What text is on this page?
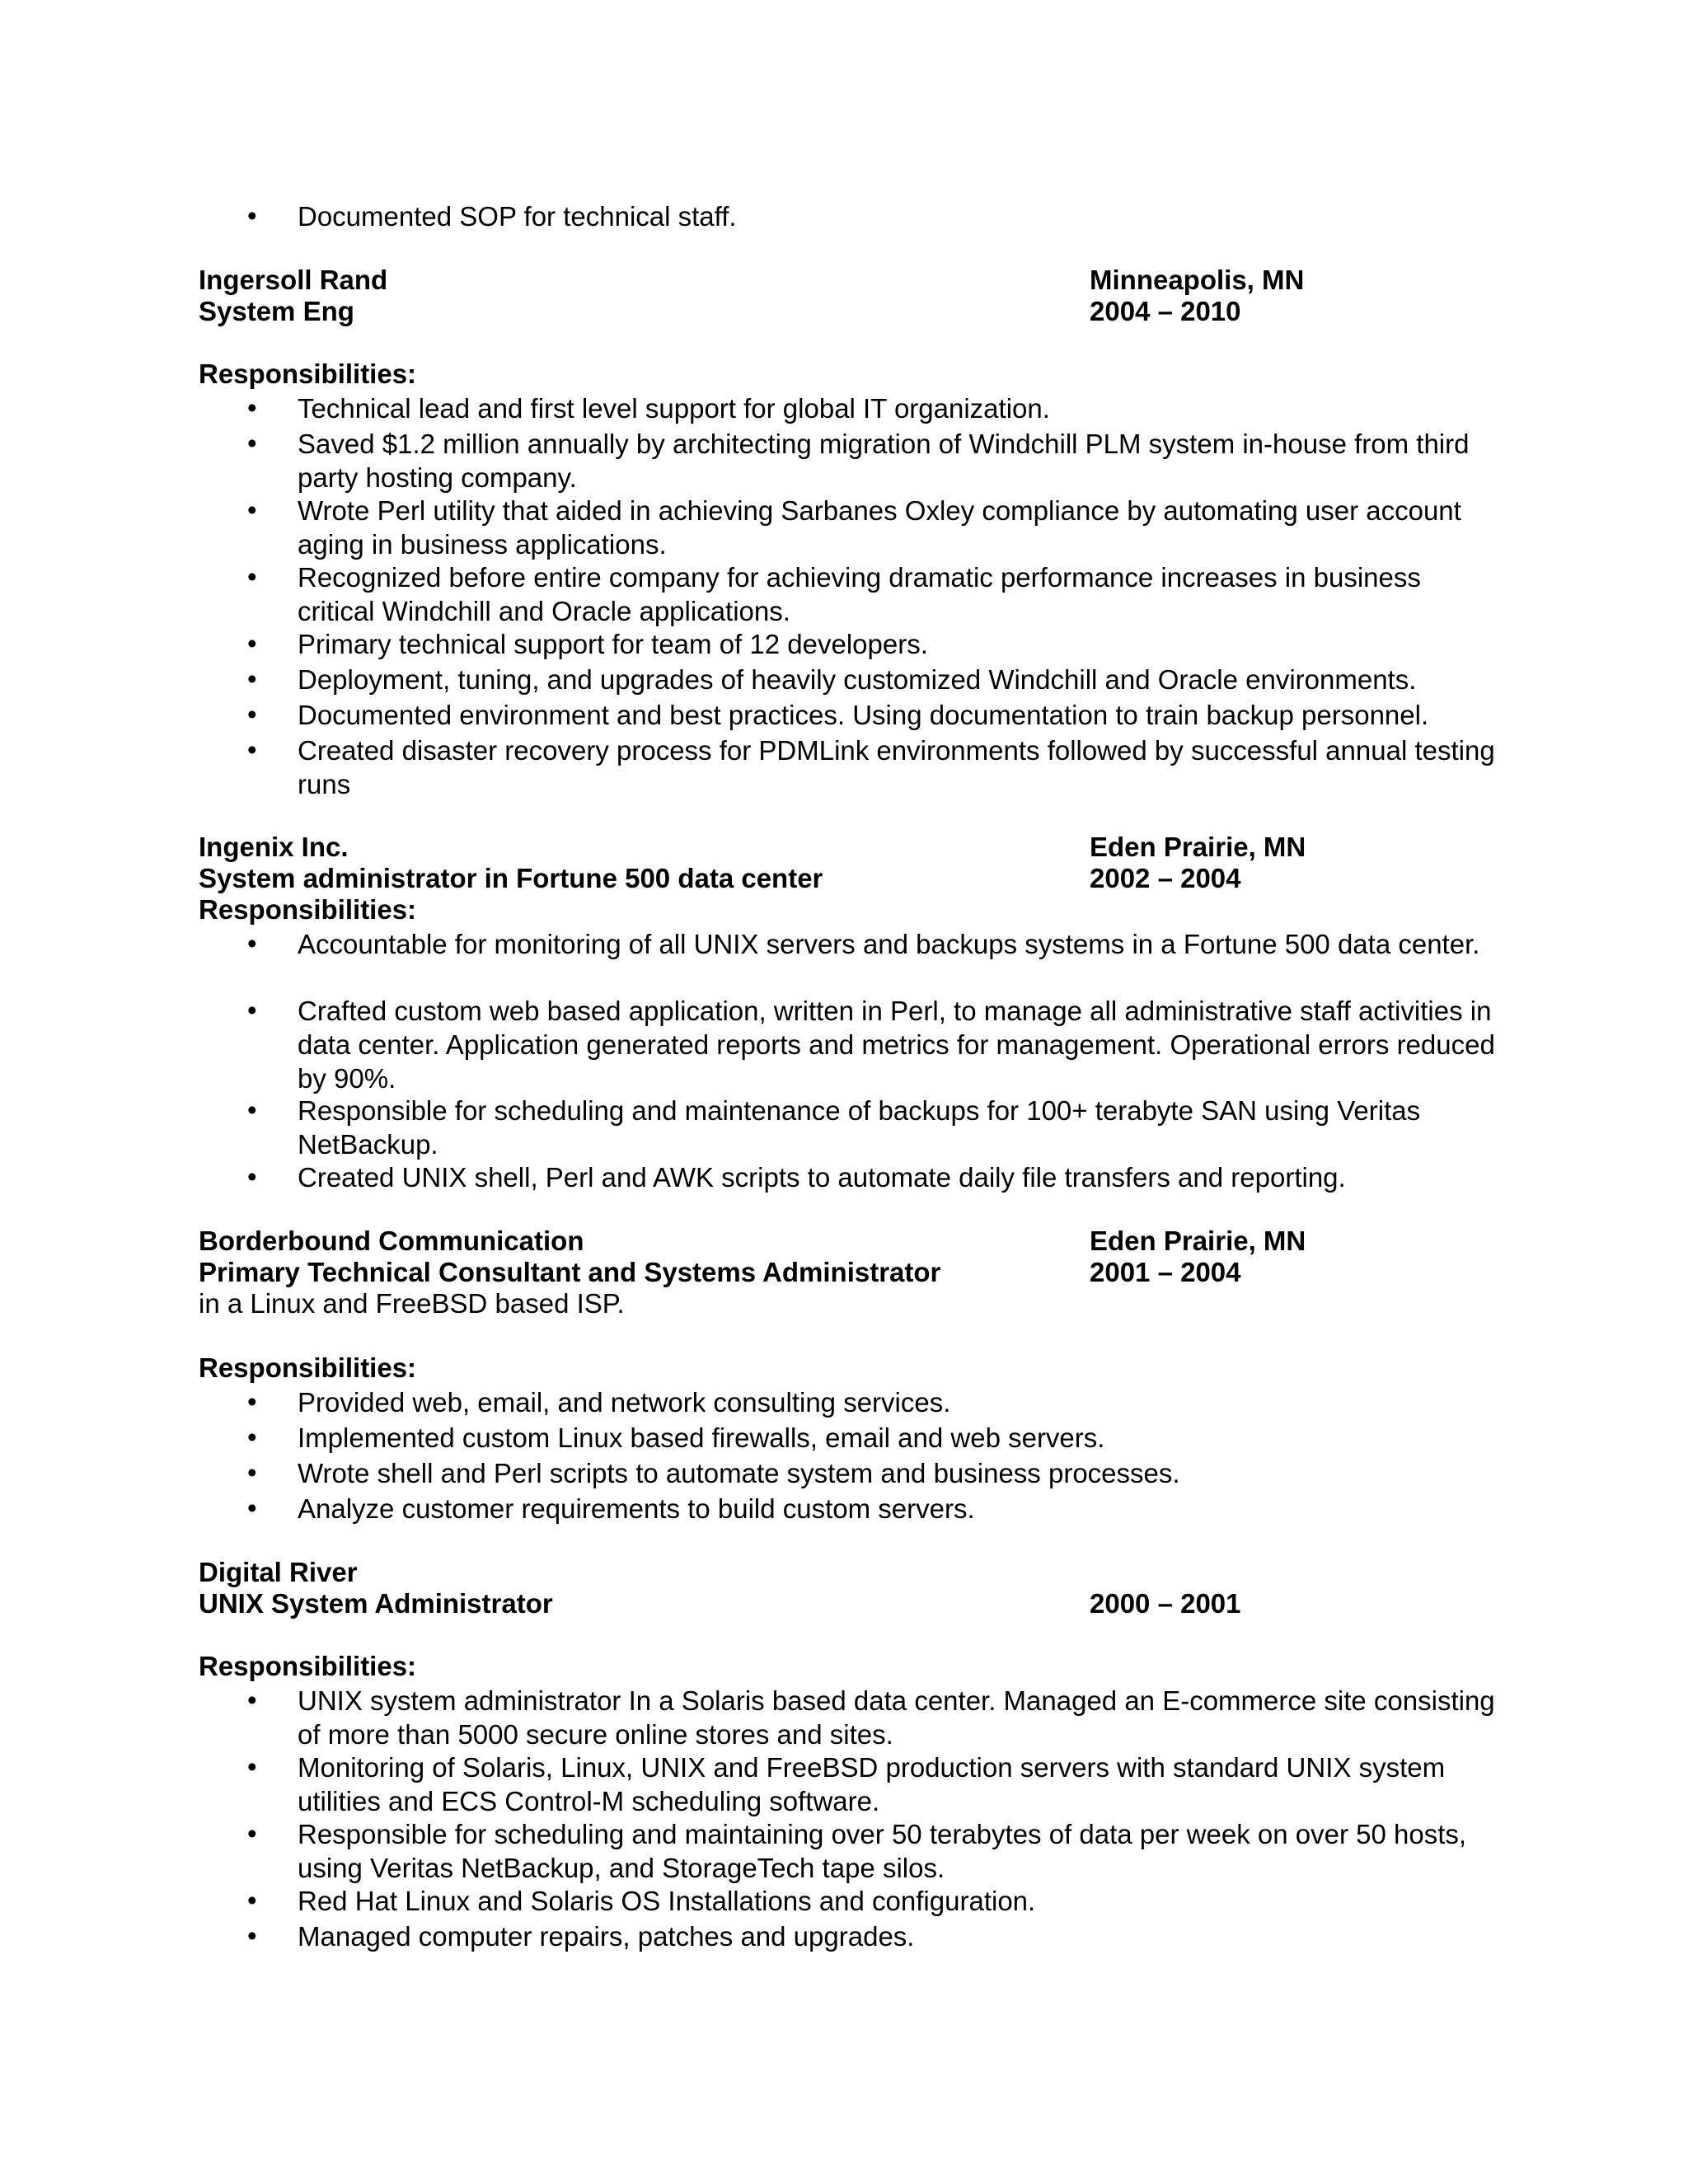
• Documented SOP for technical staff.
Ingersoll Rand	Minneapolis, MN
System Eng	2004 – 2010
Responsibilities:
• Technical lead and first level support for global IT organization.
• Saved $1.2 million annually by architecting migration of Windchill PLM system in-house from third party hosting company.
• Wrote Perl utility that aided in achieving Sarbanes Oxley compliance by automating user account aging in business applications.
• Recognized before entire company for achieving dramatic performance increases in business critical Windchill and Oracle applications.
• Primary technical support for team of 12 developers.
• Deployment, tuning, and upgrades of heavily customized Windchill and Oracle environments.
• Documented environment and best practices. Using documentation to train backup personnel.
• Created disaster recovery process for PDMLink environments followed by successful annual testing runs
Ingenix Inc.	Eden Prairie, MN
System administrator in Fortune 500 data center	2002 – 2004
Responsibilities:
• Accountable for monitoring of all UNIX servers and backups systems in a Fortune 500 data center.
• Crafted custom web based application, written in Perl, to manage all administrative staff activities in data center. Application generated reports and metrics for management. Operational errors reduced by 90%.
• Responsible for scheduling and maintenance of backups for 100+ terabyte SAN using Veritas NetBackup.
• Created UNIX shell, Perl and AWK scripts to automate daily file transfers and reporting.
Borderbound Communication	Eden Prairie, MN
Primary Technical Consultant and Systems Administrator	2001 – 2004
in a Linux and FreeBSD based ISP.
Responsibilities:
• Provided web, email, and network consulting services.
• Implemented custom Linux based firewalls, email and web servers.
• Wrote shell and Perl scripts to automate system and business processes.
• Analyze customer requirements to build custom servers.
Digital River
UNIX System Administrator	2000 – 2001
Responsibilities:
• UNIX system administrator In a Solaris based data center. Managed an E-commerce site consisting of more than 5000 secure online stores and sites.
• Monitoring of Solaris, Linux, UNIX and FreeBSD production servers with standard UNIX system utilities and ECS Control-M scheduling software.
• Responsible for scheduling and maintaining over 50 terabytes of data per week on over 50 hosts, using Veritas NetBackup, and StorageTech tape silos.
• Red Hat Linux and Solaris OS Installations and configuration.
• Managed computer repairs, patches and upgrades.
